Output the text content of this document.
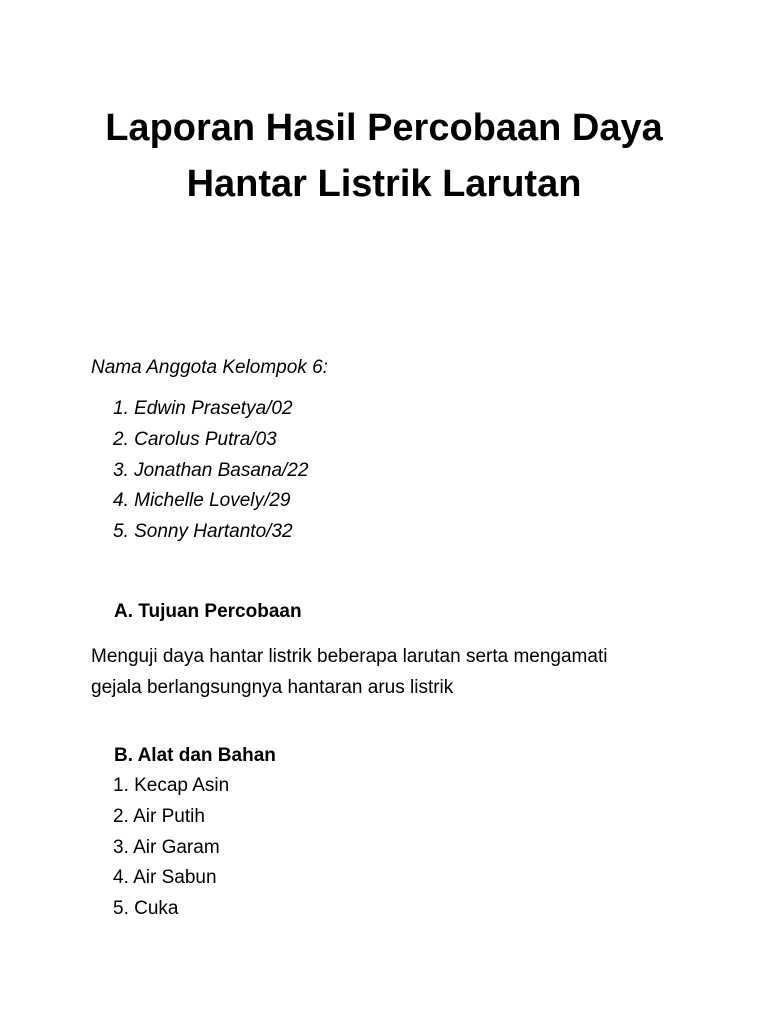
Laporan Hasil Percobaan Daya
Hantar Listrik Larutan

Nama Anggota Kelompok 6:

1. Edwin Prasetya/02
2. Carolus Putra/03
3. Jonathan Basana/22
4. Michelle Lovely/29
5. Sonny Hartanto/32
A. Tujuan Percobaan

Menguji daya hantar listrik beberapa larutan serta mengamati
gejala berlangsungnya hantaran arus listrik

B. Alat dan Bahan
1. Kecap Asin
2. Air Putih
3. Air Garam
4. Air Sabun
5. Cuka
